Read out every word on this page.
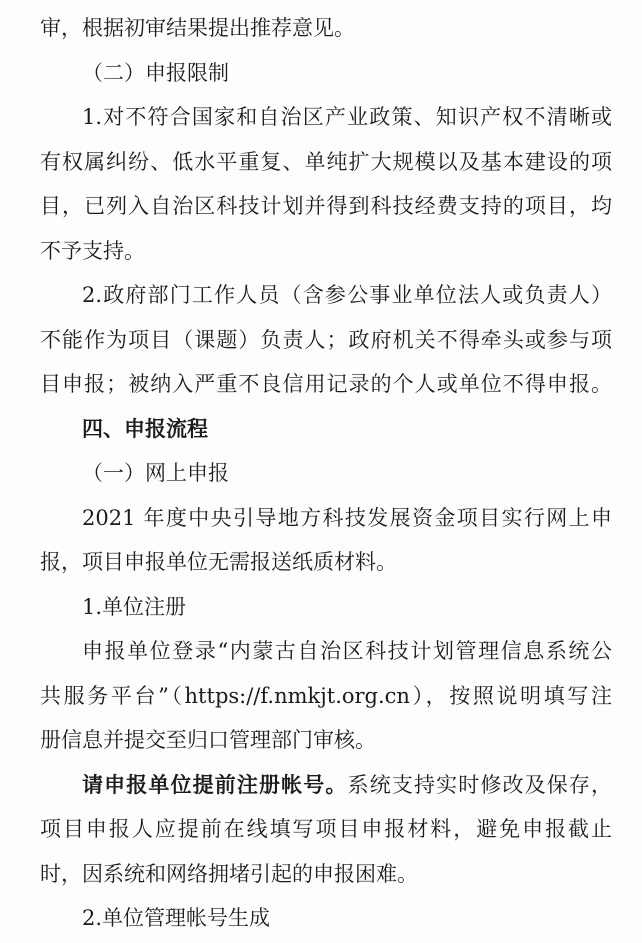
审，根据初审结果提出推荐意见。
（二）申报限制
1.对不符合国家和自治区产业政策、知识产权不清晰或
有权属纠纷、低水平重复、单纯扩大规模以及基本建设的项
目，已列入自治区科技计划并得到科技经费支持的项目，均
不予支持。
2.政府部门工作人员（含参公事业单位法人或负责人）
不能作为项目（课题）负责人；政府机关不得牵头或参与项
目申报；被纳入严重不良信用记录的个人或单位不得申报。
四、申报流程
（一）网上申报
2021 年度中央引导地方科技发展资金项目实行网上申
报，项目申报单位无需报送纸质材料。
1.单位注册
申报单位登录“内蒙古自治区科技计划管理信息系统公
共服务平台”（https://f.nmkjt.org.cn），按照说明填写注
册信息并提交至归口管理部门审核。
请申报单位提前注册帐号。系统支持实时修改及保存，
项目申报人应提前在线填写项目申报材料，避免申报截止
时，因系统和网络拥堵引起的申报困难。
2.单位管理帐号生成
